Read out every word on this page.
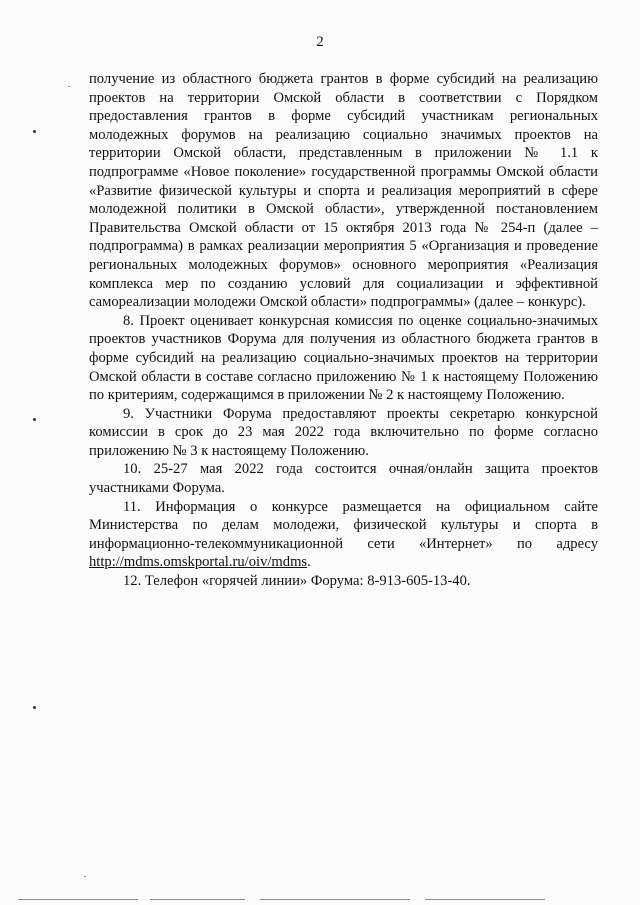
2

получение из областного бюджета грантов в форме субсидий на реализацию проектов на территории Омской области в соответствии с Порядком предоставления грантов в форме субсидий участникам региональных молодежных форумов на реализацию социально значимых проектов на территории Омской области, представленным в приложении № 1.1 к подпрограмме «Новое поколение» государственной программы Омской области «Развитие физической культуры и спорта и реализация мероприятий в сфере молодежной политики в Омской области», утвержденной постановлением Правительства Омской области от 15 октября 2013 года № 254-п (далее – подпрограмма) в рамках реализации мероприятия 5 «Организация и проведение региональных молодежных форумов» основного мероприятия «Реализация комплекса мер по созданию условий для социализации и эффективной самореализации молодежи Омской области» подпрограммы» (далее – конкурс).

8. Проект оценивает конкурсная комиссия по оценке социально-значимых проектов участников Форума для получения из областного бюджета грантов в форме субсидий на реализацию социально-значимых проектов на территории Омской области в составе согласно приложению № 1 к настоящему Положению по критериям, содержащимся в приложении № 2 к настоящему Положению.

9. Участники Форума предоставляют проекты секретарю конкурсной комиссии в срок до 23 мая 2022 года включительно по форме согласно приложению № 3 к настоящему Положению.

10. 25-27 мая 2022 года состоится очная/онлайн защита проектов участниками Форума.

11. Информация о конкурсе размещается на официальном сайте Министерства по делам молодежи, физической культуры и спорта в информационно-телекоммуникационной сети «Интернет» по адресу http://mdms.omskportal.ru/oiv/mdms.

12. Телефон «горячей линии» Форума: 8-913-605-13-40.
